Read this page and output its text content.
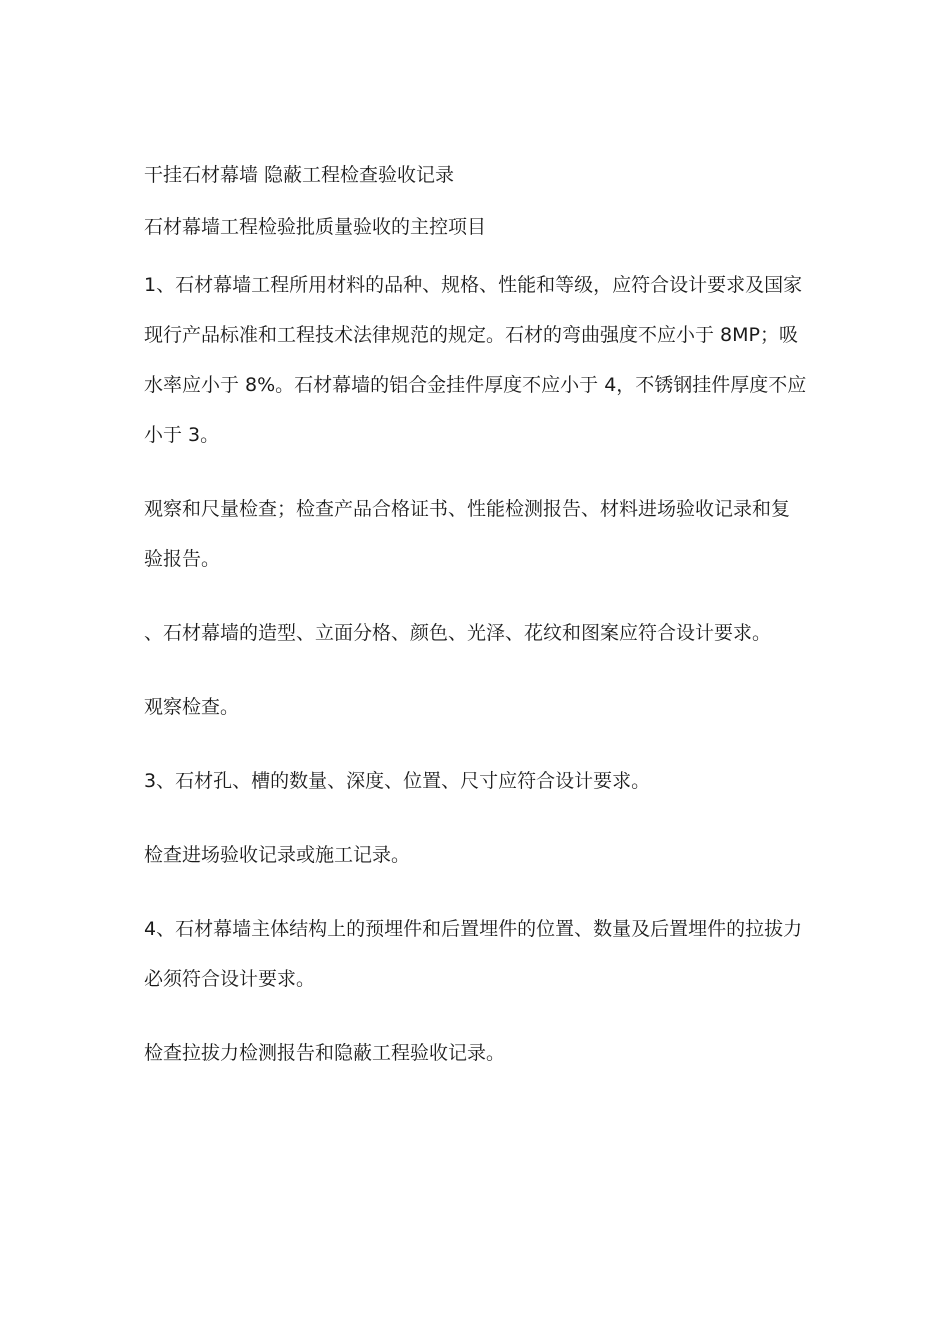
干挂石材幕墙 隐蔽工程检查验收记录
石材幕墙工程检验批质量验收的主控项目

1、石材幕墙工程所用材料的品种、规格、性能和等级，应符合设计要求及国家
现行产品标准和工程技术法律规范的规定。石材的弯曲强度不应小于 8MP；吸
水率应小于 8%。石材幕墙的铝合金挂件厚度不应小于 4，不锈钢挂件厚度不应
小于 3。

观察和尺量检查；检查产品合格证书、性能检测报告、材料进场验收记录和复
验报告。

、石材幕墙的造型、立面分格、颜色、光泽、花纹和图案应符合设计要求。

观察检查。

3、石材孔、槽的数量、深度、位置、尺寸应符合设计要求。

检查进场验收记录或施工记录。

4、石材幕墙主体结构上的预埋件和后置埋件的位置、数量及后置埋件的拉拔力
必须符合设计要求。

检查拉拔力检测报告和隐蔽工程验收记录。
